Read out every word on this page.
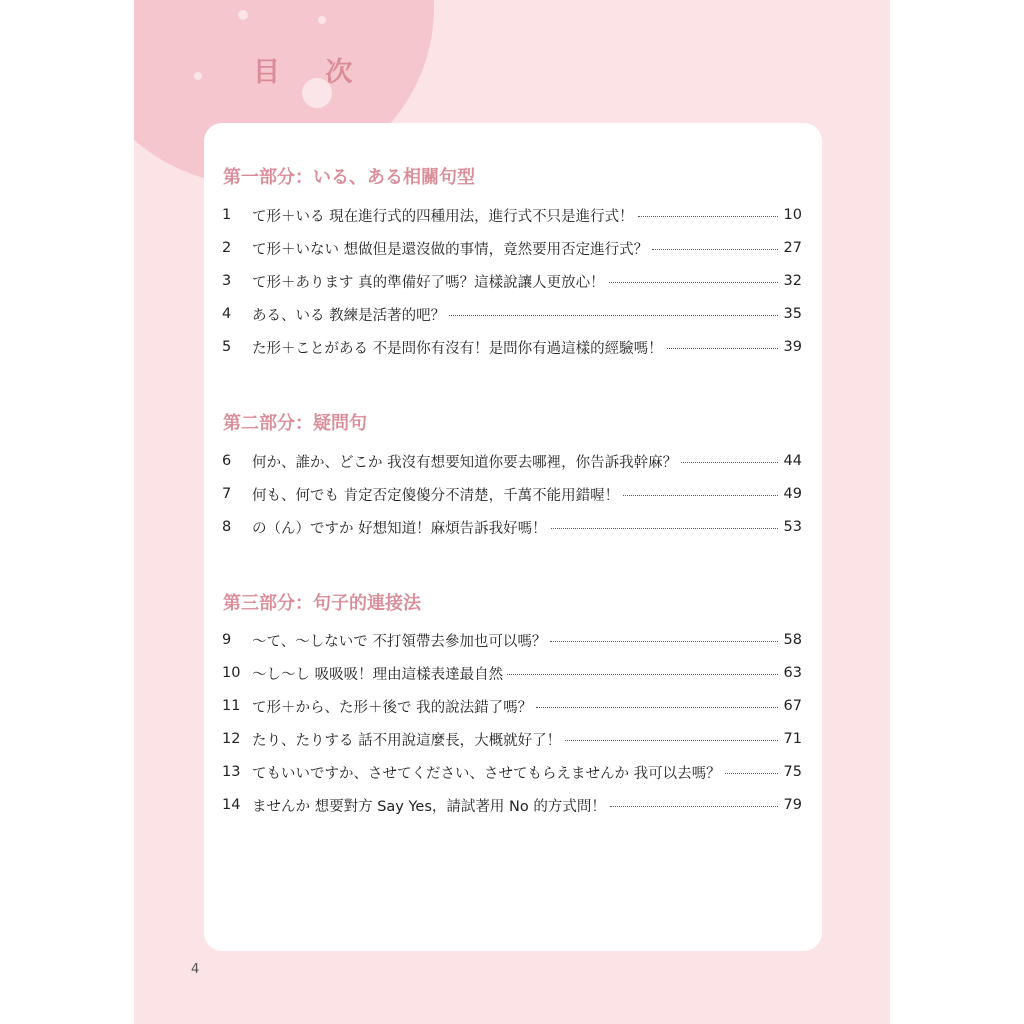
目 次
第一部分：いる、ある相關句型
1	て形＋いる 現在進行式的四種用法，進行式不只是進行式！	10
2	て形＋いない 想做但是還沒做的事情，竟然要用否定進行式？	27
3	て形＋あります 真的準備好了嗎？這樣說讓人更放心！	32
4	ある、いる 教練是活著的吧？	35
5	た形＋ことがある 不是問你有沒有！是問你有過這樣的經驗嗎！	39
第二部分：疑問句
6	何か、誰か、どこか 我沒有想要知道你要去哪裡，你告訴我幹麻？	44
7	何も、何でも 肯定否定傻傻分不清楚，千萬不能用錯喔！	49
8	の（ん）ですか 好想知道！麻煩告訴我好嗎！	53
第三部分：句子的連接法
9	～て、～しないで 不打領帶去參加也可以嗎？	58
10 ～し～し 吸吸吸！理由這樣表達最自然	63
11 て形＋から、た形＋後で 我的說法錯了嗎？	67
12 たり、たりする 話不用說這麼長，大概就好了！	71
13 てもいいですか、させてください、させてもらえませんか 我可以去嗎？	75
14 ませんか 想要對方 Say Yes，請試著用 No 的方式問！	79
4
